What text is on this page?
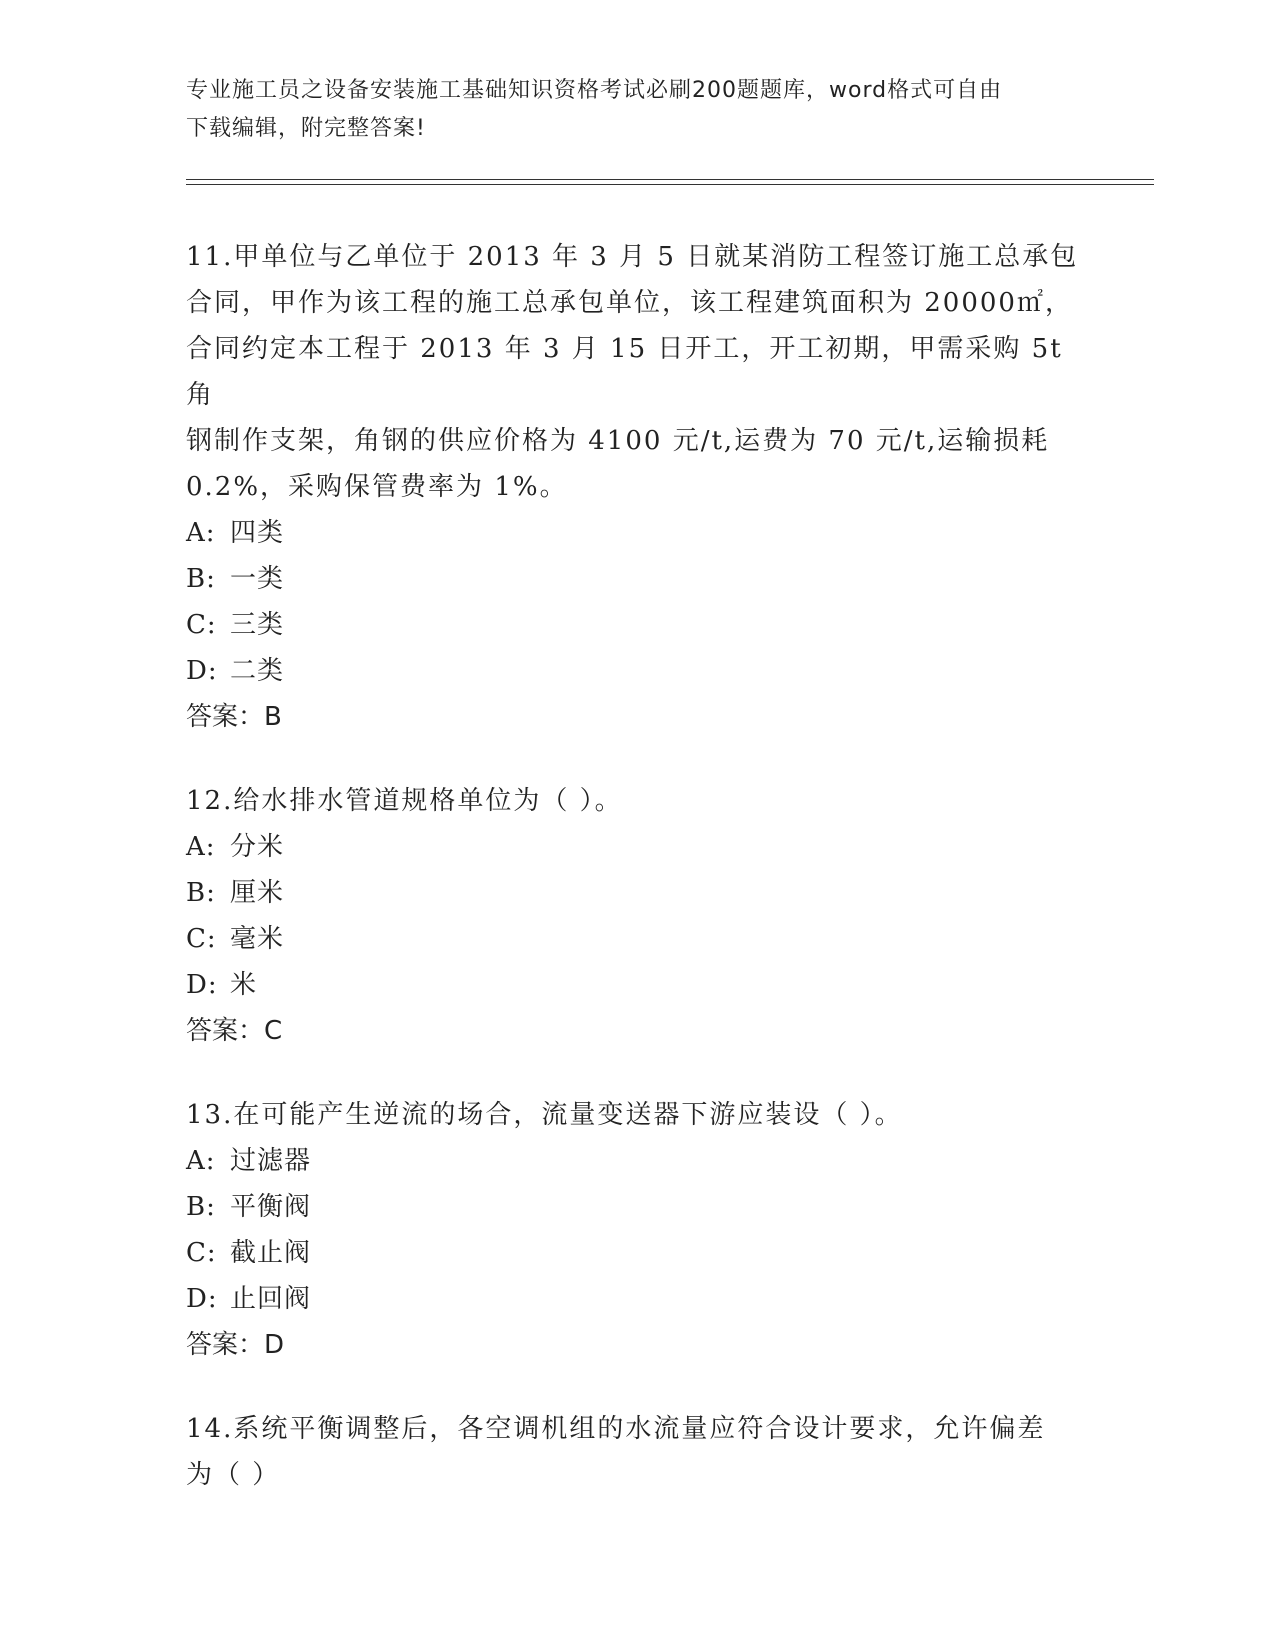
专业施工员之设备安装施工基础知识资格考试必刷200题题库，word格式可自由
下载编辑，附完整答案!

11.甲单位与乙单位于 2013 年 3 月 5 日就某消防工程签订施工总承包

合同，甲作为该工程的施工总承包单位，该工程建筑面积为 20000㎡，

合同约定本工程于 2013 年 3 月 15 日开工，开工初期，甲需采购 5t 角

钢制作支架，角钢的供应价格为 4100 元/t,运费为 70 元/t,运输损耗

0.2%，采购保管费率为 1%。

A: 四类

B: 一类

C: 三类

D: 二类

答案：B

12.给水排水管道规格单位为（ ）。

A: 分米

B: 厘米

C: 毫米

D: 米

答案：C

13.在可能产生逆流的场合，流量变送器下游应装设（ ）。

A: 过滤器

B: 平衡阀

C: 截止阀

D: 止回阀

答案：D

14.系统平衡调整后，各空调机组的水流量应符合设计要求，允许偏差

为（ ）
